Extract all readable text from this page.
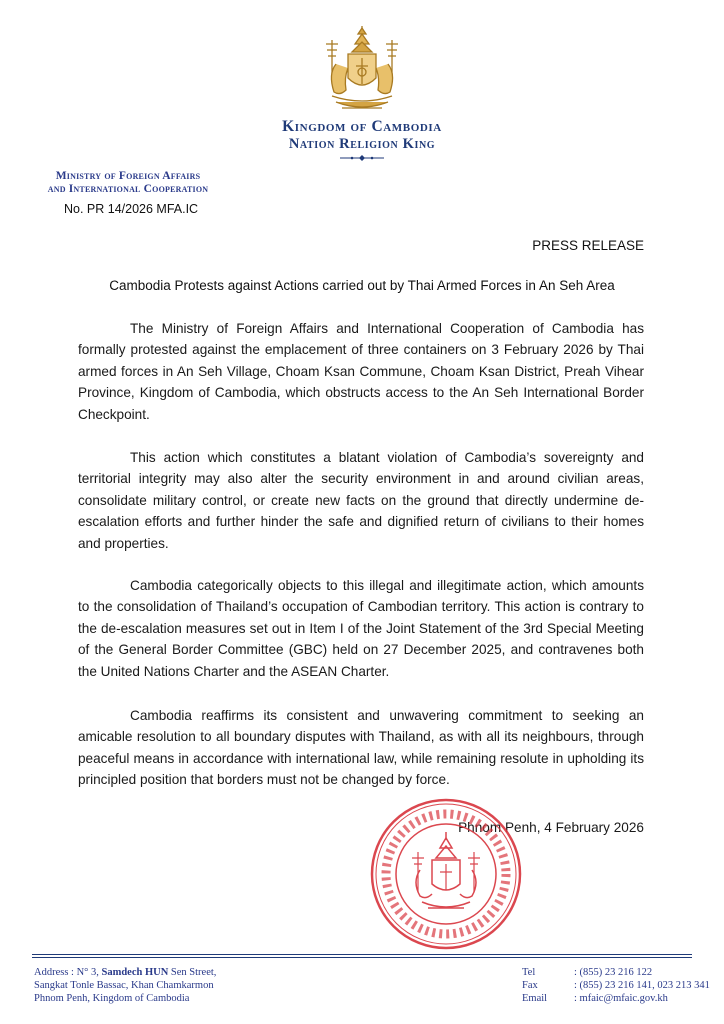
Kingdom of Cambodia
Nation Religion King
Ministry of Foreign Affairs
and International Cooperation
No. PR 14/2026 MFA.IC
PRESS RELEASE
Cambodia Protests against Actions carried out by Thai Armed Forces in An Seh Area

The Ministry of Foreign Affairs and International Cooperation of Cambodia has formally protested against the emplacement of three containers on 3 February 2026 by Thai armed forces in An Seh Village, Choam Ksan Commune, Choam Ksan District, Preah Vihear Province, Kingdom of Cambodia, which obstructs access to the An Seh International Border Checkpoint.

This action which constitutes a blatant violation of Cambodia’s sovereignty and territorial integrity may also alter the security environment in and around civilian areas, consolidate military control, or create new facts on the ground that directly undermine de-escalation efforts and further hinder the safe and dignified return of civilians to their homes and properties.

Cambodia categorically objects to this illegal and illegitimate action, which amounts to the consolidation of Thailand’s occupation of Cambodian territory. This action is contrary to the de-escalation measures set out in Item I of the Joint Statement of the 3rd Special Meeting of the General Border Committee (GBC) held on 27 December 2025, and contravenes both the United Nations Charter and the ASEAN Charter.

Cambodia reaffirms its consistent and unwavering commitment to seeking an amicable resolution to all boundary disputes with Thailand, as with all its neighbours, through peaceful means in accordance with international law, while remaining resolute in upholding its principled position that borders must not be changed by force.

Phnom Penh, 4 February 2026
Address : N° 3, Samdech HUN Sen Street,
Sangkat Tonle Bassac, Khan Chamkarmon
Phnom Penh, Kingdom of Cambodia
Tel	: (855) 23 216 122
Fax	: (855) 23 216 141, 023 213 341
Email	: mfaic@mfaic.gov.kh
